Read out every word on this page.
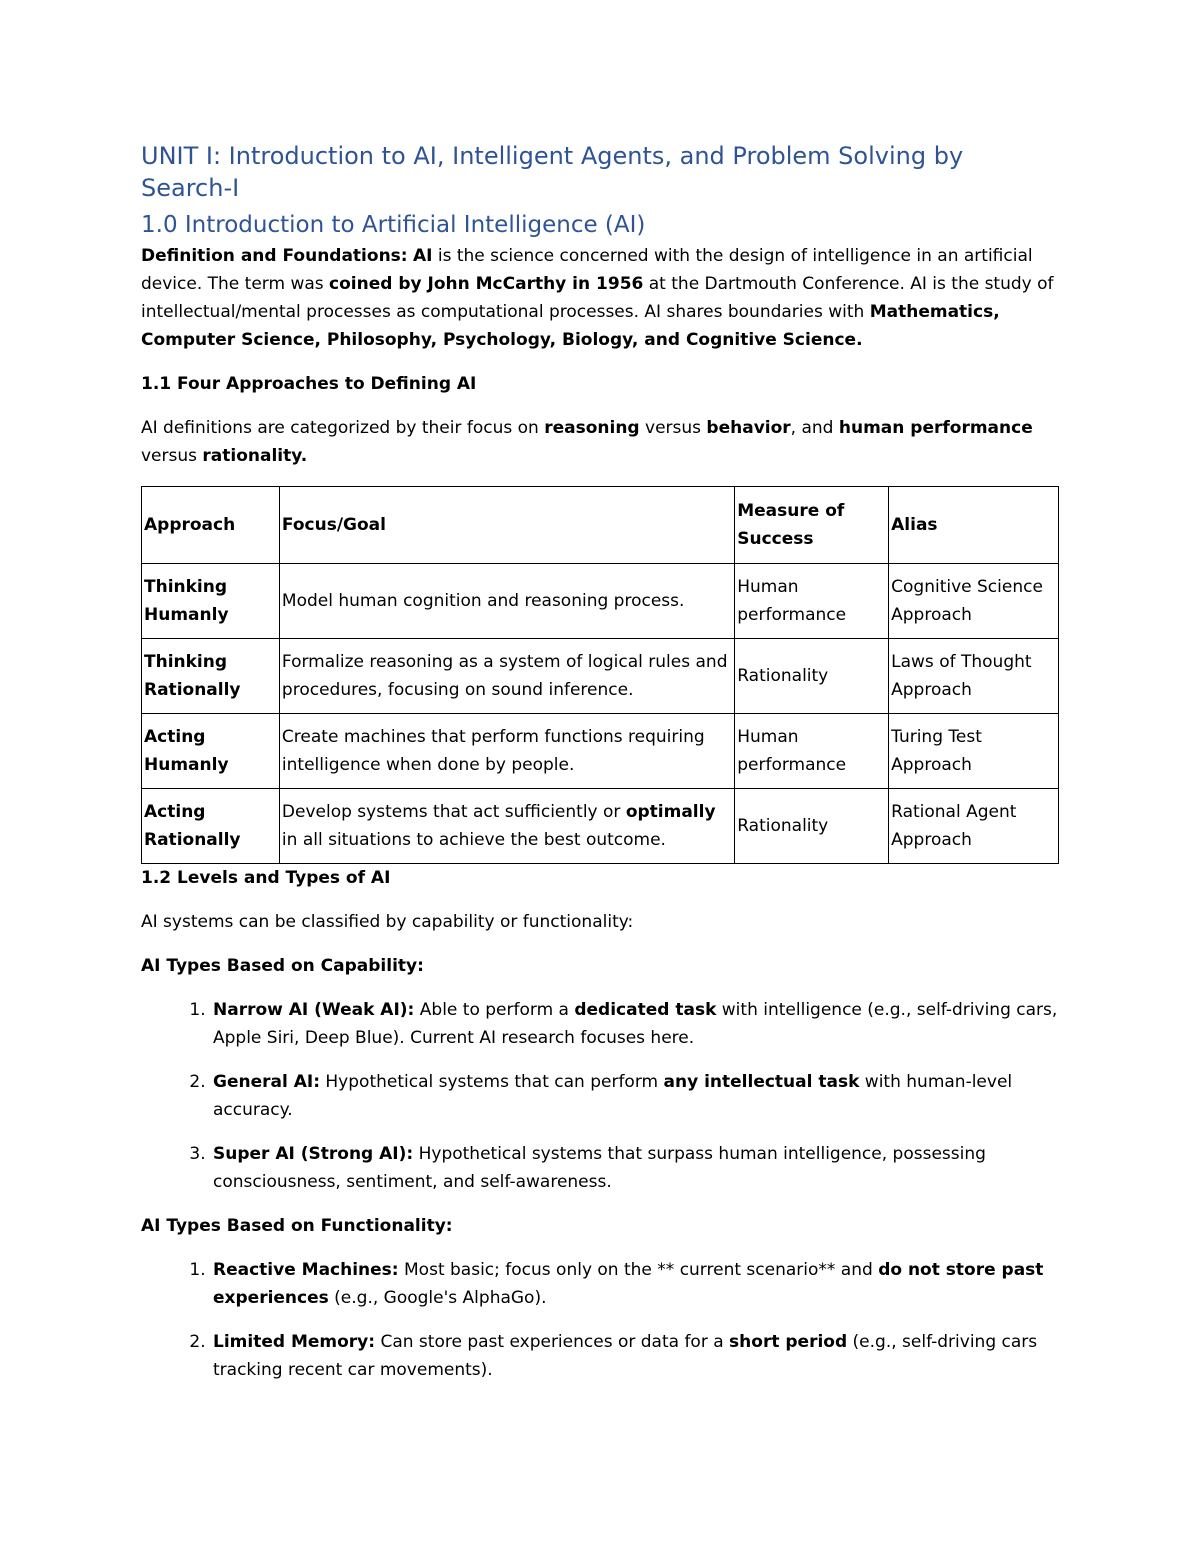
UNIT I: Introduction to AI, Intelligent Agents, and Problem Solving by Search-I
1.0 Introduction to Artificial Intelligence (AI)

Definition and Foundations: AI is the science concerned with the design of intelligence in an artificial device. The term was coined by John McCarthy in 1956 at the Dartmouth Conference. AI is the study of intellectual/mental processes as computational processes. AI shares boundaries with Mathematics, Computer Science, Philosophy, Psychology, Biology, and Cognitive Science.

1.1 Four Approaches to Defining AI

AI definitions are categorized by their focus on reasoning versus behavior, and human performance versus rationality.

Approach	Focus/Goal	Measure of Success	Alias
Thinking Humanly	Model human cognition and reasoning process.	Human performance	Cognitive Science Approach
Thinking Rationally	Formalize reasoning as a system of logical rules and procedures, focusing on sound inference.	Rationality	Laws of Thought Approach
Acting Humanly	Create machines that perform functions requiring intelligence when done by people.	Human performance	Turing Test Approach
Acting Rationally	Develop systems that act sufficiently or optimally in all situations to achieve the best outcome.	Rationality	Rational Agent Approach

1.2 Levels and Types of AI

AI systems can be classified by capability or functionality:

AI Types Based on Capability:

1. Narrow AI (Weak AI): Able to perform a dedicated task with intelligence (e.g., self-driving cars, Apple Siri, Deep Blue). Current AI research focuses here.
2. General AI: Hypothetical systems that can perform any intellectual task with human-level accuracy.
3. Super AI (Strong AI): Hypothetical systems that surpass human intelligence, possessing consciousness, sentiment, and self-awareness.

AI Types Based on Functionality:

1. Reactive Machines: Most basic; focus only on the ** current scenario** and do not store past experiences (e.g., Google's AlphaGo).
2. Limited Memory: Can store past experiences or data for a short period (e.g., self-driving cars tracking recent car movements).
